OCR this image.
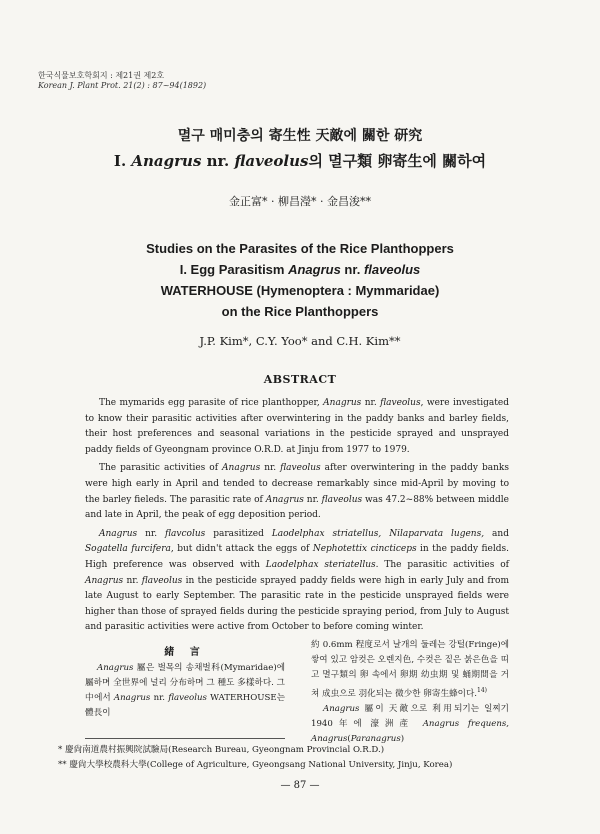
한국식물보호학회지 : 제21권 제2호
Korean J. Plant Prot. 21(2) : 87~94(1892)
멸구 매미충의 寄生性 天敵에 關한 研究
I. Anagrus nr. flaveolus의 멸구類 卵寄生에 關하여
金正富* · 柳昌瀅* · 金昌浚**
Studies on the Parasites of the Rice Planthoppers
I. Egg Parasitism Anagrus nr. flaveolus
WATERHOUSE (Hymenoptera : Mymmaridae)
on the Rice Planthoppers
J.P. Kim*, C.Y. Yoo* and C.H. Kim**
ABSTRACT

The mymarids egg parasite of rice planthopper, Anagrus nr. flaveolus, were investigated to know their parasitic activities after overwintering in the paddy banks and barley fields, their host preferences and seasonal variations in the pesticide sprayed and unsprayed paddy fields of Gyeongnam province O.R.D. at Jinju from 1977 to 1979.

The parasitic activities of Anagrus nr. flaveolus after overwintering in the paddy banks were high early in April and tended to decrease remarkably since mid-April by moving to the barley fieleds. The parasitic rate of Anagrus nr. flaveolus was 47.2~88% between middle and late in April, the peak of egg deposition period.

Anagrus nr. flavcolus parasitized Laodelphax striatellus, Nilaparvata lugens, and Sogatella furcifera, but didn't attack the eggs of Nephotettix cincticeps in the paddy fields. High preference was observed with Laodelphax steriatellus. The parasitic activities of Anagrus nr. flaveolus in the pesticide sprayed paddy fields were high in early July and from late August to early September. The parasitic rate in the pesticide unsprayed fields were higher than those of sprayed fields during the pesticide spraying period, from July to August and parasitic activities were active from October to before coming winter.

緒 言

Anagrus 屬은 벌목의 송채벌科(Mymaridae)에 屬하며 全世界에 널리 分布하며 그 種도 多樣하다. 그 中에서 Anagrus nr. flaveolus WATERHOUSE는 體長이

約 0.6mm 程度로서 날개의 둘레는 강털(Fringe)에 쌓여 있고 암컷은 오렌지色, 수컷은 짙은 붉은色을 띠고 멸구類의 卵 속에서 卵期 幼虫期 및 蛹期間을 거쳐 成虫으로 羽化되는 微少한 卵寄生蜂이다.$^{14)}$

Anagrus 屬이 天敵으로 利用되기는 일찌기 1940年에 濠洲產 Anagrus frequens, Anagrus(Paranagrus)

* 慶尙南道農村振興院試驗局(Research Bureau, Gyeongnam Provincial O.R.D.)
** 慶尙大學校農科大學(College of Agriculture, Gyeongsang National University, Jinju, Korea)
— 87 —
